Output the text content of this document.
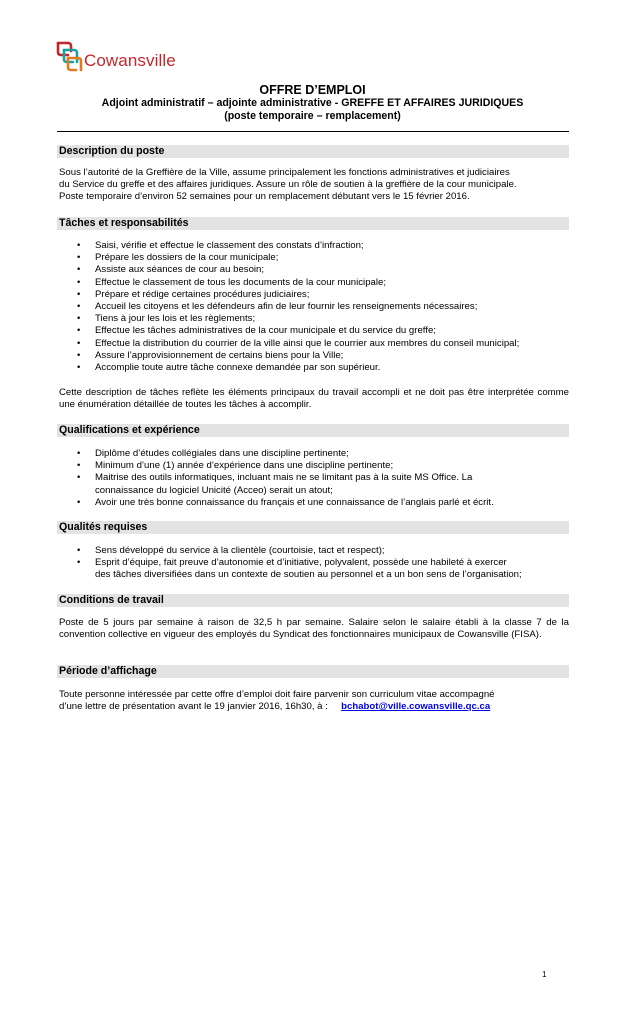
Cowansville
OFFRE D’EMPLOI
Adjoint administratif – adjointe administrative - GREFFE ET AFFAIRES JURIDIQUES
(poste temporaire – remplacement)
Description du poste
Sous l’autorité de la Greffière de la Ville, assume principalement les fonctions administratives et judiciaires
du Service du greffe et des affaires juridiques. Assure un rôle de soutien à la greffière de la cour municipale.
Poste temporaire d’environ 52 semaines pour un remplacement débutant vers le 15 février 2016.
Tâches et responsabilités
• Saisi, vérifie et effectue le classement des constats d’infraction;
• Prépare les dossiers de la cour municipale;
• Assiste aux séances de cour au besoin;
• Effectue le classement de tous les documents de la cour municipale;
• Prépare et rédige certaines procédures judiciaires;
• Accueil les citoyens et les défendeurs afin de leur fournir les renseignements nécessaires;
• Tiens à jour les lois et les règlements;
• Effectue les tâches administratives de la cour municipale et du service du greffe;
• Effectue la distribution du courrier de la ville ainsi que le courrier aux membres du conseil municipal;
• Assure l’approvisionnement de certains biens pour la Ville;
• Accomplie toute autre tâche connexe demandée par son supérieur.

Cette description de tâches reflète les éléments principaux du travail accompli et ne doit pas être interprétée comme une énumération détaillée de toutes les tâches à accomplir.

Qualifications et expérience
• Diplôme d’études collégiales dans une discipline pertinente;
• Minimum d’une (1) année d’expérience dans une discipline pertinente;
• Maitrise des outils informatiques, incluant mais ne se limitant pas à la suite MS Office. La
connaissance du logiciel Unicité (Acceo) serait un atout;
• Avoir une très bonne connaissance du français et une connaissance de l’anglais parlé et écrit.
Qualités requises
• Sens développé du service à la clientèle (courtoisie, tact et respect);
• Esprit d’équipe, fait preuve d’autonomie et d’initiative, polyvalent, possède une habileté à exercer
des tâches diversifiées dans un contexte de soutien au personnel et a un bon sens de l’organisation;
Conditions de travail

Poste de 5 jours par semaine à raison de 32,5 h par semaine. Salaire selon le salaire établi à la classe 7 de la convention collective en vigueur des employés du Syndicat des fonctionnaires municipaux de Cowansville (FISA).

Période d’affichage
Toute personne intéressée par cette offre d’emploi doit faire parvenir son curriculum vitae accompagné
d’une lettre de présentation avant le 19 janvier 2016, 16h30, à : bchabot@ville.cowansville.qc.ca
1
